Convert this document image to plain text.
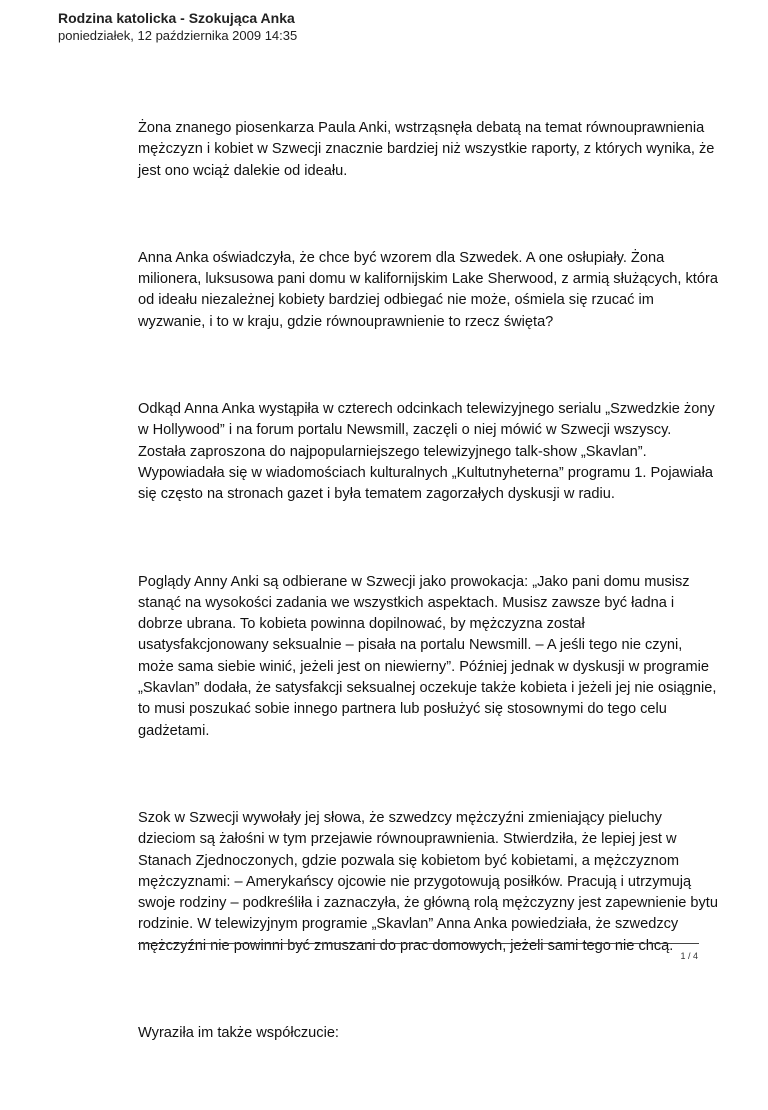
Rodzina katolicka - Szokująca Anka
poniedziałek, 12 października 2009 14:35

Żona znanego piosenkarza Paula Anki, wstrząsnęła debatą na temat równouprawnienia mężczyzn i kobiet w Szwecji znacznie bardziej niż wszystkie raporty, z których wynika, że jest ono wciąż dalekie od ideału.

Anna Anka oświadczyła, że chce być wzorem dla Szwedek. A one osłupiały. Żona milionera, luksusowa pani domu w kalifornijskim Lake Sherwood, z armią służących, która od ideału niezależnej kobiety bardziej odbiegać nie może, ośmiela się rzucać im wyzwanie, i to w kraju, gdzie równouprawnienie to rzecz święta?

Odkąd Anna Anka wystąpiła w czterech odcinkach telewizyjnego serialu „Szwedzkie żony w Hollywood” i na forum portalu Newsmill, zaczęli o niej mówić w Szwecji wszyscy. Została zaproszona do najpopularniejszego telewizyjnego talk-show „Skavlan”. Wypowiadała się w wiadomościach kulturalnych „Kultutnyheterna” programu 1. Pojawiała się często na stronach gazet i była tematem zagorzałych dyskusji w radiu.

Poglądy Anny Anki są odbierane w Szwecji jako prowokacja: „Jako pani domu musisz stanąć na wysokości zadania we wszystkich aspektach. Musisz zawsze być ładna i dobrze ubrana. To kobieta powinna dopilnować, by mężczyzna został usatysfakcjonowany seksualnie – pisała na portalu Newsmill. – A jeśli tego nie czyni, może sama siebie winić, jeżeli jest on niewierny”. Później jednak w dyskusji w programie „Skavlan” dodała, że satysfakcji seksualnej oczekuje także kobieta i jeżeli jej nie osiągnie, to musi poszukać sobie innego partnera lub posłużyć się stosownymi do tego celu gadżetami.

Szok w Szwecji wywołały jej słowa, że szwedzcy mężczyźni zmieniający pieluchy dzieciom są żałośni w tym przejawie równouprawnienia. Stwierdziła, że lepiej jest w Stanach Zjednoczonych, gdzie pozwala się kobietom być kobietami, a mężczyznom mężczyznami: – Amerykańscy ojcowie nie przygotowują posiłków. Pracują i utrzymują swoje rodziny – podkreśliła i zaznaczyła, że główną rolą mężczyzny jest zapewnienie bytu rodzinie. W telewizyjnym programie „Skavlan” Anna Anka powiedziała, że szwedzcy mężczyźni nie powinni być zmuszani do prac domowych, jeżeli sami tego nie chcą.

Wyraziła im także współczucie:

1 / 4
